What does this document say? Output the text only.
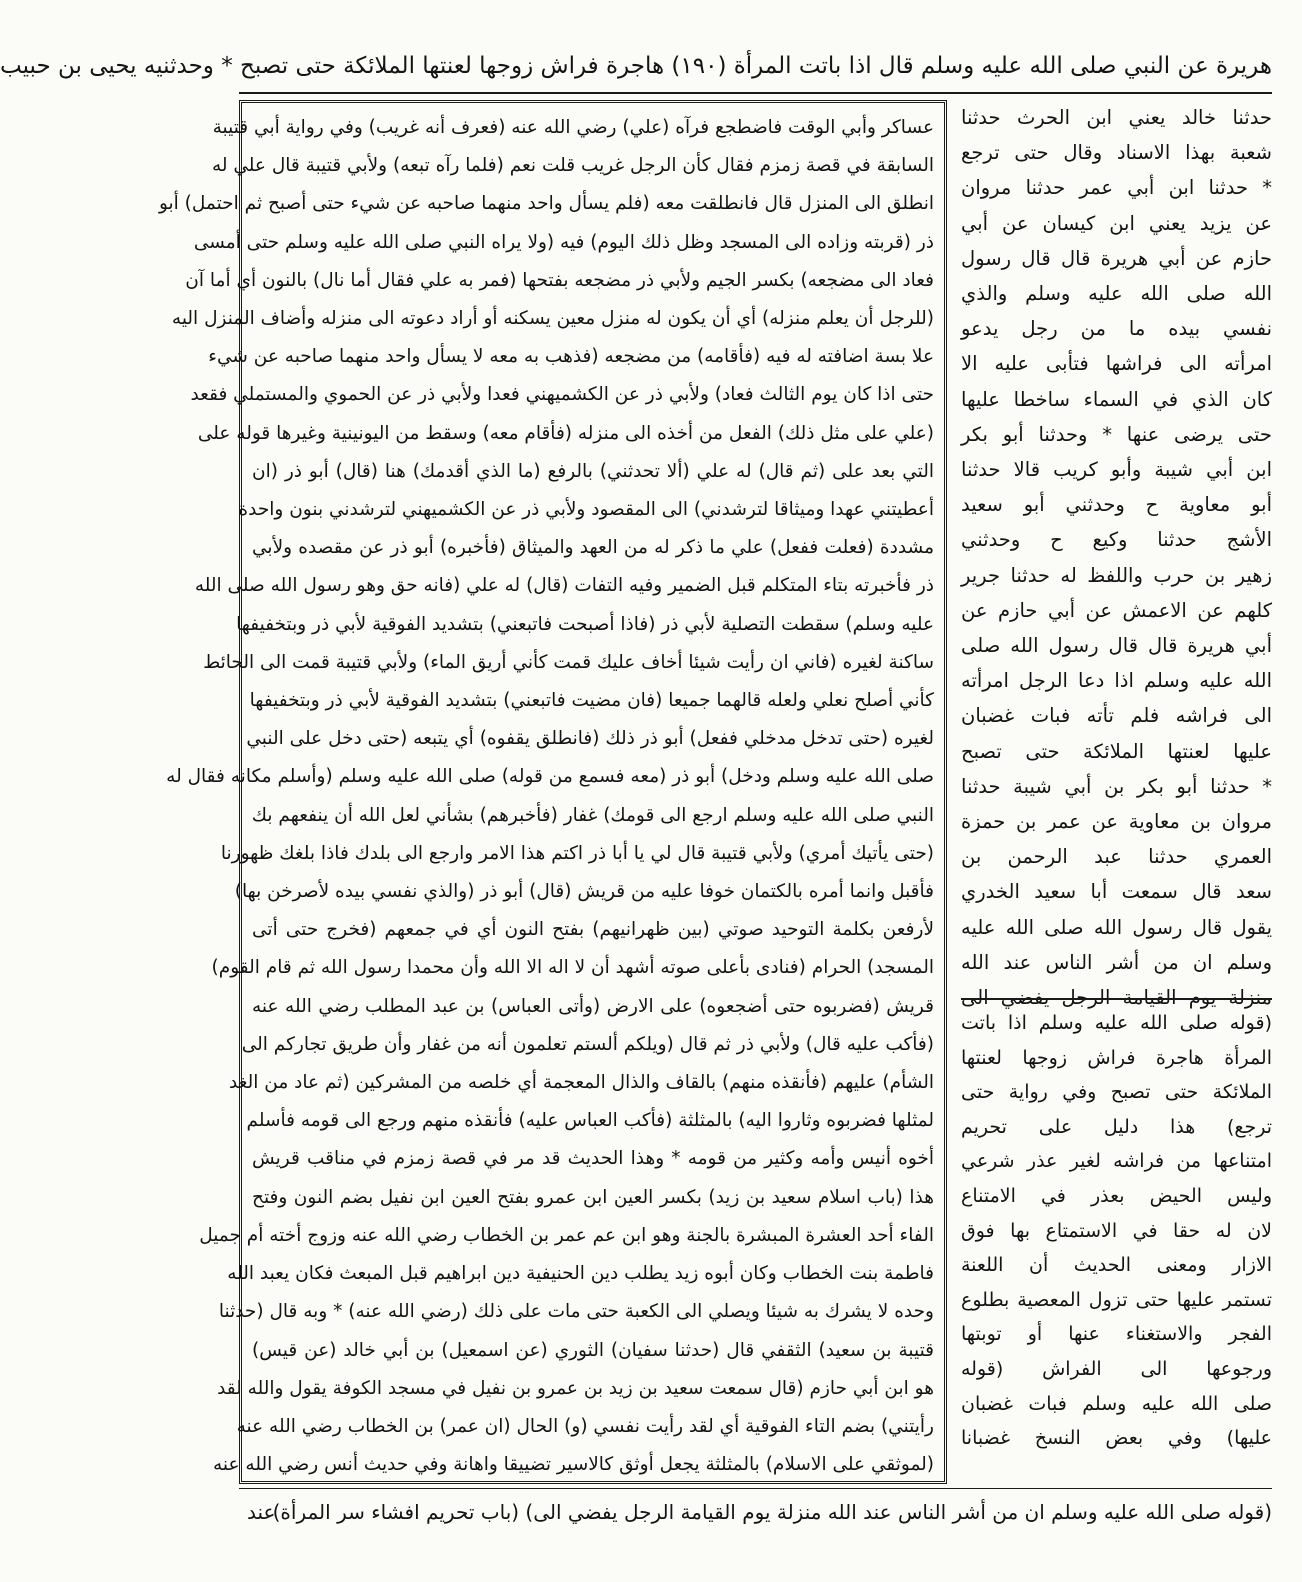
هريرة عن النبي صلى الله عليه وسلم قال اذا باتت المرأة (١٩٠) هاجرة فراش زوجها لعنتها الملائكة حتى تصبح * وحدثنيه يحيى بن حبيب
حدثنا خالد يعني ابن الحرث حدثنا
شعبة بهذا الاسناد وقال حتى ترجع
* حدثنا ابن أبي عمر حدثنا مروان
عن يزيد يعني ابن كيسان عن أبي
حازم عن أبي هريرة قال قال رسول
الله صلى الله عليه وسلم والذي
نفسي بيده ما من رجل يدعو
امرأته الى فراشها فتأبى عليه الا
كان الذي في السماء ساخطا عليها
حتى يرضى عنها * وحدثنا أبو بكر
ابن أبي شيبة وأبو كريب قالا حدثنا
أبو معاوية ح وحدثني أبو سعيد
الأشج حدثنا وكيع ح وحدثني
زهير بن حرب واللفظ له حدثنا جرير
كلهم عن الاعمش عن أبي حازم عن
أبي هريرة قال قال رسول الله صلى
الله عليه وسلم اذا دعا الرجل امرأته
الى فراشه فلم تأته فبات غضبان
عليها لعنتها الملائكة حتى تصبح
* حدثنا أبو بكر بن أبي شيبة حدثنا
مروان بن معاوية عن عمر بن حمزة
العمري حدثنا عبد الرحمن بن
سعد قال سمعت أبا سعيد الخدري
يقول قال رسول الله صلى الله عليه
وسلم ان من أشر الناس عند الله
منزلة يوم القيامة الرجل يفضي الى
(قوله صلى الله عليه وسلم اذا باتت
المرأة هاجرة فراش زوجها لعنتها
الملائكة حتى تصبح وفي رواية حتى
ترجع) هذا دليل على تحريم
امتناعها من فراشه لغير عذر شرعي
وليس الحيض بعذر في الامتناع
لان له حقا في الاستمتاع بها فوق
الازار ومعنى الحديث أن اللعنة
تستمر عليها حتى تزول المعصية بطلوع
الفجر والاستغناء عنها أو توبتها
ورجوعها الى الفراش (قوله
صلى الله عليه وسلم فبات غضبان
عليها) وفي بعض النسخ غضبانا
عساكر وأبي الوقت فاضطجع فرآه (علي) رضي الله عنه (فعرف أنه غريب) وفي رواية أبي قتيبة
السابقة في قصة زمزم فقال كأن الرجل غريب قلت نعم (فلما رآه تبعه) ولأبي قتيبة قال علي له
انطلق الى المنزل قال فانطلقت معه (فلم يسأل واحد منهما صاحبه عن شيء حتى أصبح ثم احتمل) أبو
ذر (قربته وزاده الى المسجد وظل ذلك اليوم) فيه (ولا يراه النبي صلى الله عليه وسلم حتى أمسى
فعاد الى مضجعه) بكسر الجيم ولأبي ذر مضجعه بفتحها (فمر به علي فقال أما نال) بالنون أي أما آن
(للرجل أن يعلم منزله) أي أن يكون له منزل معين يسكنه أو أراد دعوته الى منزله وأضاف المنزل اليه
علا بسة اضافته له فيه (فأقامه) من مضجعه (فذهب به معه لا يسأل واحد منهما صاحبه عن شيء
حتى اذا كان يوم الثالث فعاد) ولأبي ذر عن الكشميهني فعدا ولأبي ذر عن الحموي والمستملي فقعد
(علي على مثل ذلك) الفعل من أخذه الى منزله (فأقام معه) وسقط من اليونينية وغيرها قوله على
التي بعد على (ثم قال) له علي (ألا تحدثني) بالرفع (ما الذي أقدمك) هنا (قال) أبو ذر (ان
أعطيتني عهدا وميثاقا لترشدني) الى المقصود ولأبي ذر عن الكشميهني لترشدني بنون واحدة
مشددة (فعلت ففعل) علي ما ذكر له من العهد والميثاق (فأخبره) أبو ذر عن مقصده ولأبي
ذر فأخبرته بتاء المتكلم قبل الضمير وفيه التفات (قال) له علي (فانه حق وهو رسول الله صلى الله
عليه وسلم) سقطت التصلية لأبي ذر (فاذا أصبحت فاتبعني) بتشديد الفوقية لأبي ذر وبتخفيفها
ساكنة لغيره (فاني ان رأيت شيئا أخاف عليك قمت كأني أريق الماء) ولأبي قتيبة قمت الى الحائط
كأني أصلح نعلي ولعله قالهما جميعا (فان مضيت فاتبعني) بتشديد الفوقية لأبي ذر وبتخفيفها
لغيره (حتى تدخل مدخلي ففعل) أبو ذر ذلك (فانطلق يقفوه) أي يتبعه (حتى دخل على النبي
صلى الله عليه وسلم ودخل) أبو ذر (معه فسمع من قوله) صلى الله عليه وسلم (وأسلم مكانه فقال له
النبي صلى الله عليه وسلم ارجع الى قومك) غفار (فأخبرهم) بشأني لعل الله أن ينفعهم بك
(حتى يأتيك أمري) ولأبي قتيبة قال لي يا أبا ذر اكتم هذا الامر وارجع الى بلدك فاذا بلغك ظهورنا
فأقبل وانما أمره بالكتمان خوفا عليه من قريش (قال) أبو ذر (والذي نفسي بيده لأصرخن بها)
لأرفعن بكلمة التوحيد صوتي (بين ظهرانيهم) بفتح النون أي في جمعهم (فخرج حتى أتى
المسجد) الحرام (فنادى بأعلى صوته أشهد أن لا اله الا الله وأن محمدا رسول الله ثم قام القوم)
قريش (فضربوه حتى أضجعوه) على الارض (وأتى العباس) بن عبد المطلب رضي الله عنه
(فأكب عليه قال) ولأبي ذر ثم قال (ويلكم ألستم تعلمون أنه من غفار وأن طريق تجاركم الى
الشأم) عليهم (فأنقذه منهم) بالقاف والذال المعجمة أي خلصه من المشركين (ثم عاد من الغد
لمثلها فضربوه وثاروا اليه) بالمثلثة (فأكب العباس عليه) فأنقذه منهم ورجع الى قومه فأسلم
أخوه أنيس وأمه وكثير من قومه * وهذا الحديث قد مر في قصة زمزم في مناقب قريش
هذا (باب اسلام سعيد بن زيد) بكسر العين ابن عمرو بفتح العين ابن نفيل بضم النون وفتح
الفاء أحد العشرة المبشرة بالجنة وهو ابن عم عمر بن الخطاب رضي الله عنه وزوج أخته أم جميل
فاطمة بنت الخطاب وكان أبوه زيد يطلب دين الحنيفية دين ابراهيم قبل المبعث فكان يعبد الله
وحده لا يشرك به شيئا ويصلي الى الكعبة حتى مات على ذلك (رضي الله عنه) * وبه قال (حدثنا
قتيبة بن سعيد) الثقفي قال (حدثنا سفيان) الثوري (عن اسمعيل) بن أبي خالد (عن قيس)
هو ابن أبي حازم (قال سمعت سعيد بن زيد بن عمرو بن نفيل في مسجد الكوفة يقول والله لقد
رأيتني) بضم التاء الفوقية أي لقد رأيت نفسي (و) الحال (ان عمر) بن الخطاب رضي الله عنه
(لموثقي على الاسلام) بالمثلثة يجعل أوثق كالاسير تضييقا واهانة وفي حديث أنس رضي الله عنه
(قوله صلى الله عليه وسلم ان من أشر الناس عند الله منزلة يوم القيامة الرجل يفضي الى) (باب تحريم افشاء سر المرأة)
عند
